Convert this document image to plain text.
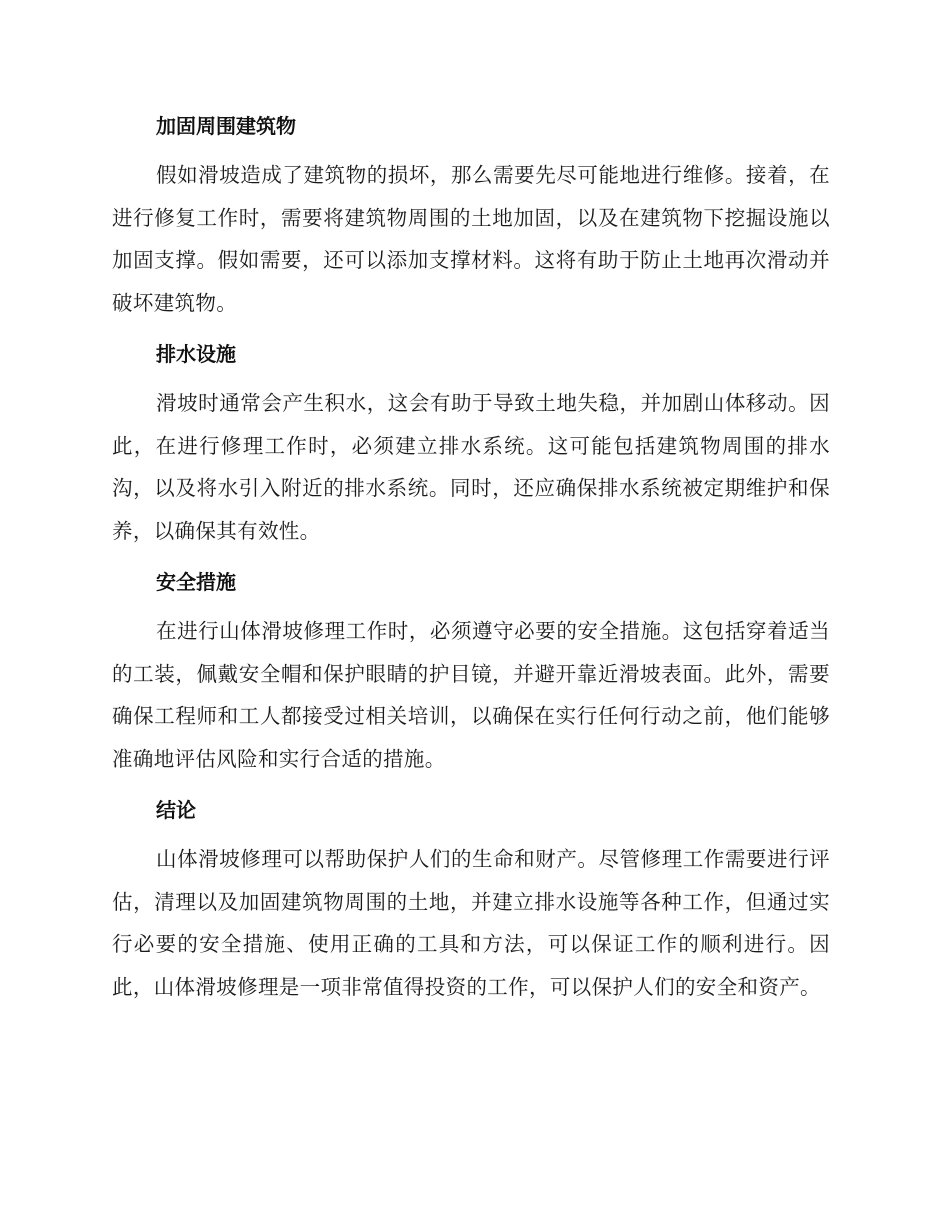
加固周围建筑物

假如滑坡造成了建筑物的损坏，那么需要先尽可能地进行维修。接着，在进行修复工作时，需要将建筑物周围的土地加固，以及在建筑物下挖掘设施以加固支撑。假如需要，还可以添加支撑材料。这将有助于防止土地再次滑动并破坏建筑物。

排水设施

滑坡时通常会产生积水，这会有助于导致土地失稳，并加剧山体移动。因此，在进行修理工作时，必须建立排水系统。这可能包括建筑物周围的排水沟，以及将水引入附近的排水系统。同时，还应确保排水系统被定期维护和保养，以确保其有效性。

安全措施

在进行山体滑坡修理工作时，必须遵守必要的安全措施。这包括穿着适当的工装，佩戴安全帽和保护眼睛的护目镜，并避开靠近滑坡表面。此外，需要确保工程师和工人都接受过相关培训，以确保在实行任何行动之前，他们能够准确地评估风险和实行合适的措施。

结论

山体滑坡修理可以帮助保护人们的生命和财产。尽管修理工作需要进行评估，清理以及加固建筑物周围的土地，并建立排水设施等各种工作，但通过实行必要的安全措施、使用正确的工具和方法，可以保证工作的顺利进行。因此，山体滑坡修理是一项非常值得投资的工作，可以保护人们的安全和资产。
